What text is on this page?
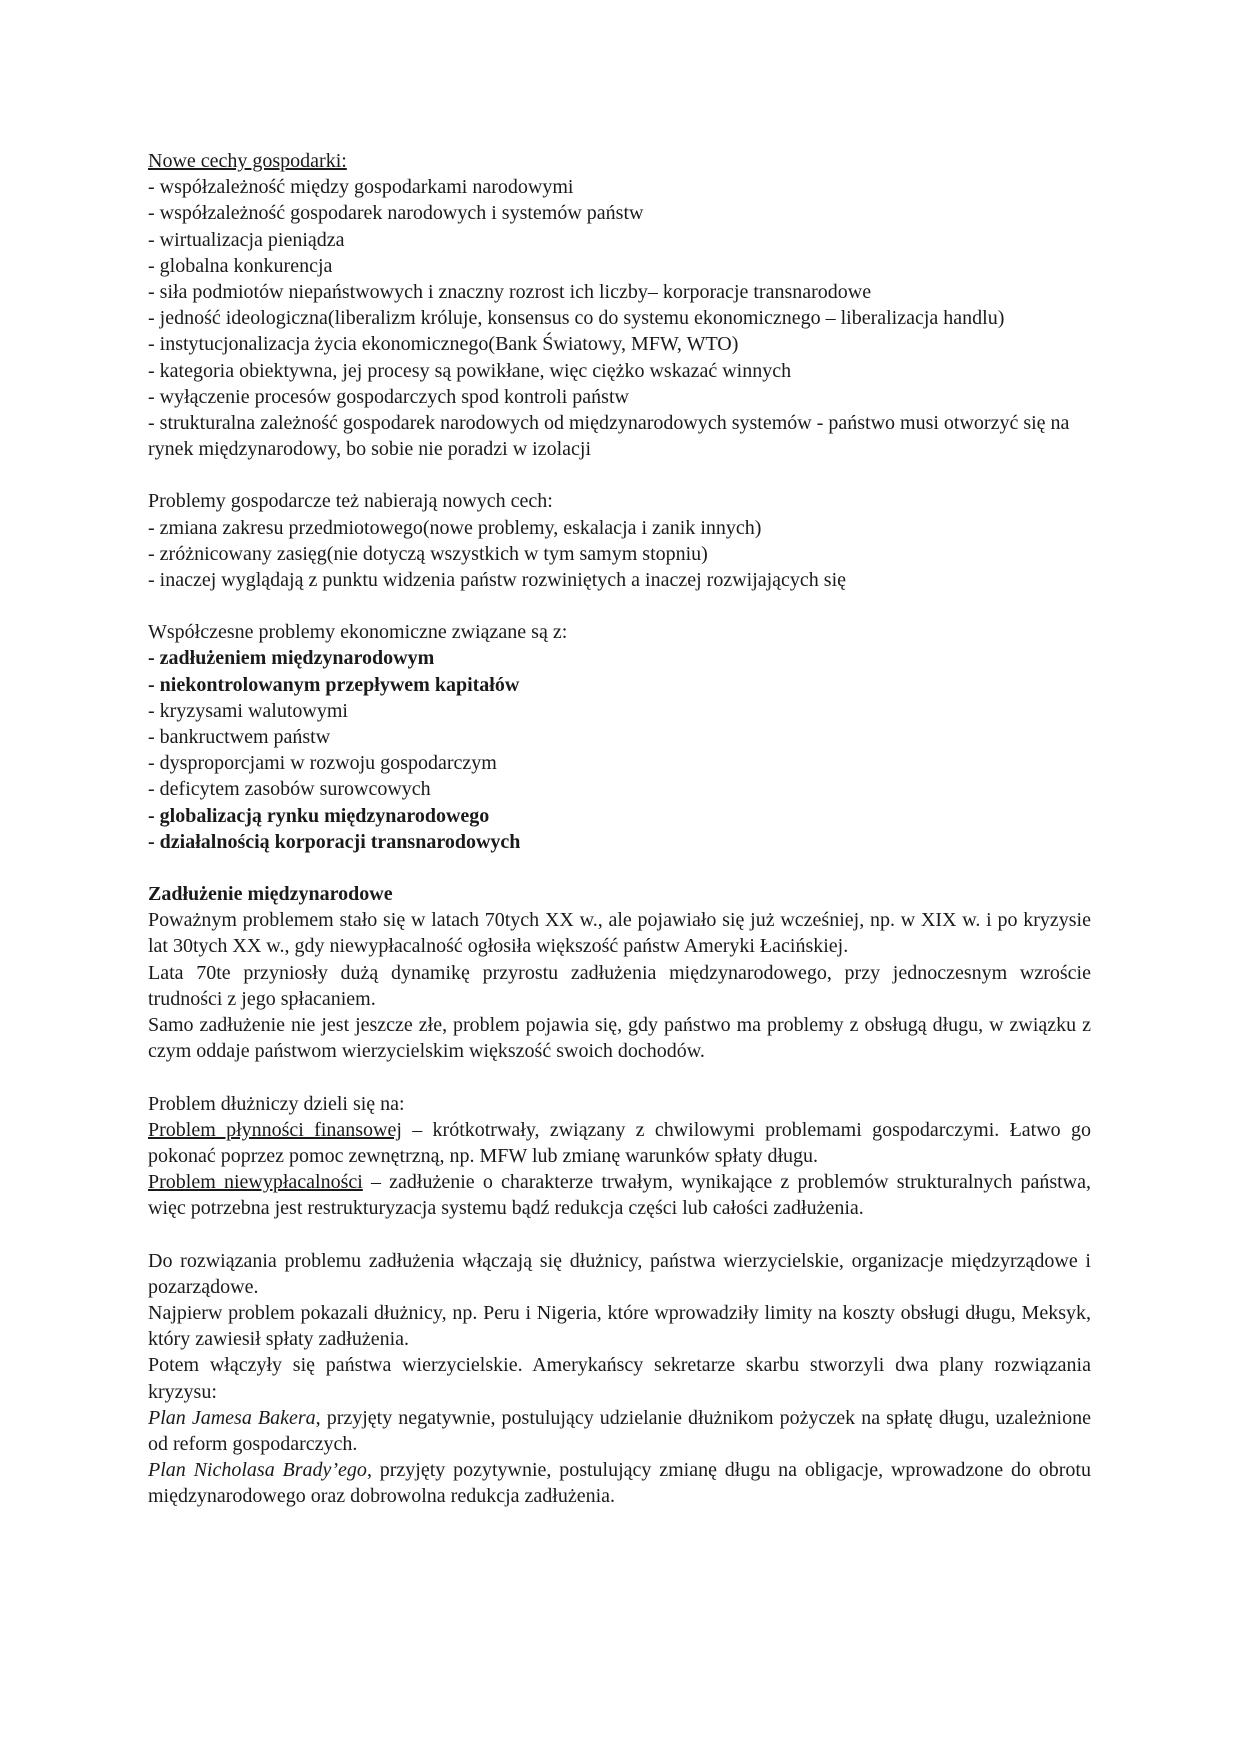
Nowe cechy gospodarki:

- współzależność między gospodarkami narodowymi
- współzależność gospodarek narodowych i systemów państw
- wirtualizacja pieniądza
- globalna konkurencja
- siła podmiotów niepaństwowych i znaczny rozrost ich liczby– korporacje transnarodowe
- jedność ideologiczna(liberalizm króluje, konsensus co do systemu ekonomicznego – liberalizacja handlu)
- instytucjonalizacja życia ekonomicznego(Bank Światowy, MFW, WTO)
- kategoria obiektywna, jej procesy są powikłane, więc ciężko wskazać winnych
- wyłączenie procesów gospodarczych spod kontroli państw
- strukturalna zależność gospodarek narodowych od międzynarodowych systemów - państwo musi otworzyć się na rynek międzynarodowy, bo sobie nie poradzi w izolacji

Problemy gospodarcze też nabierają nowych cech:

- zmiana zakresu przedmiotowego(nowe problemy, eskalacja i zanik innych)
- zróżnicowany zasięg(nie dotyczą wszystkich w tym samym stopniu)
- inaczej wyglądają z punktu widzenia państw rozwiniętych a inaczej rozwijających się

Współczesne problemy ekonomiczne związane są z:

- zadłużeniem międzynarodowym
- niekontrolowanym przepływem kapitałów
- kryzysami walutowymi
- bankructwem państw
- dysproporcjami w rozwoju gospodarczym
- deficytem zasobów surowcowych
- globalizacją rynku międzynarodowego
- działalnością korporacji transnarodowych

Zadłużenie międzynarodowe

Poważnym problemem stało się w latach 70tych XX w., ale pojawiało się już wcześniej, np. w XIX w. i po kryzysie lat 30tych XX w., gdy niewypłacalność ogłosiła większość państw Ameryki Łacińskiej.

Lata 70te przyniosły dużą dynamikę przyrostu zadłużenia międzynarodowego, przy jednoczesnym wzroście trudności z jego spłacaniem.

Samo zadłużenie nie jest jeszcze złe, problem pojawia się, gdy państwo ma problemy z obsługą długu, w związku z czym oddaje państwom wierzycielskim większość swoich dochodów.

Problem dłużniczy dzieli się na:

Problem płynności finansowej – krótkotrwały, związany z chwilowymi problemami gospodarczymi. Łatwo go pokonać poprzez pomoc zewnętrzną, np. MFW lub zmianę warunków spłaty długu.

Problem niewypłacalności – zadłużenie o charakterze trwałym, wynikające z problemów strukturalnych państwa, więc potrzebna jest restrukturyzacja systemu bądź redukcja części lub całości zadłużenia.

Do rozwiązania problemu zadłużenia włączają się dłużnicy, państwa wierzycielskie, organizacje międzyrządowe i pozarządowe.

Najpierw problem pokazali dłużnicy, np. Peru i Nigeria, które wprowadziły limity na koszty obsługi długu, Meksyk, który zawiesił spłaty zadłużenia.

Potem włączyły się państwa wierzycielskie. Amerykańscy sekretarze skarbu stworzyli dwa plany rozwiązania kryzysu:

Plan Jamesa Bakera, przyjęty negatywnie, postulujący udzielanie dłużnikom pożyczek na spłatę długu, uzależnione od reform gospodarczych.

Plan Nicholasa Brady’ego, przyjęty pozytywnie, postulujący zmianę długu na obligacje, wprowadzone do obrotu międzynarodowego oraz dobrowolna redukcja zadłużenia.
